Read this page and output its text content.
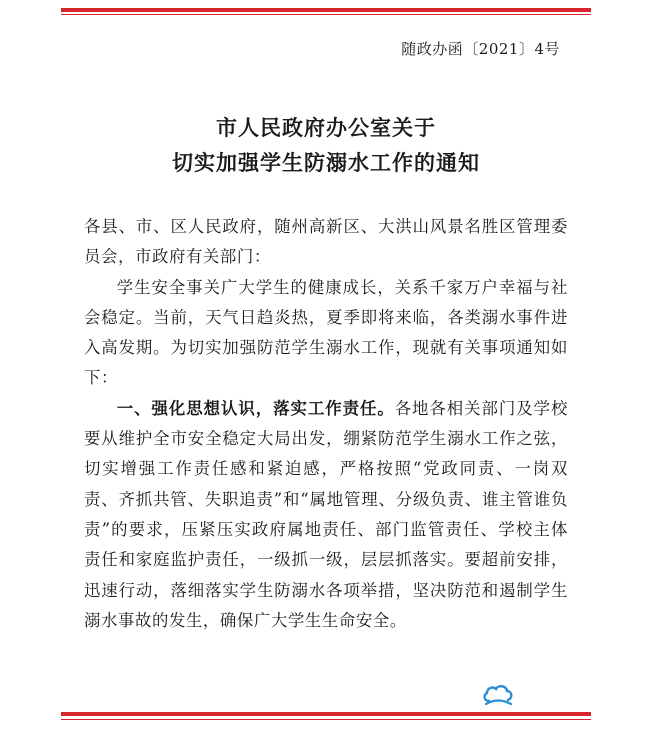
随政办函〔2021〕4号
市人民政府办公室关于
切实加强学生防溺水工作的通知

各县、市、区人民政府，随州高新区、大洪山风景名胜区管理委员会，市政府有关部门：

学生安全事关广大学生的健康成长，关系千家万户幸福与社会稳定。当前，天气日趋炎热，夏季即将来临，各类溺水事件进入高发期。为切实加强防范学生溺水工作，现就有关事项通知如下：

一、强化思想认识，落实工作责任。各地各相关部门及学校要从维护全市安全稳定大局出发，绷紧防范学生溺水工作之弦，切实增强工作责任感和紧迫感，严格按照“党政同责、一岗双责、齐抓共管、失职追责”和“属地管理、分级负责、谁主管谁负责”的要求，压紧压实政府属地责任、部门监管责任、学校主体责任和家庭监护责任，一级抓一级，层层抓落实。要超前安排，迅速行动，落细落实学生防溺水各项举措，坚决防范和遏制学生溺水事故的发生，确保广大学生生命安全。
